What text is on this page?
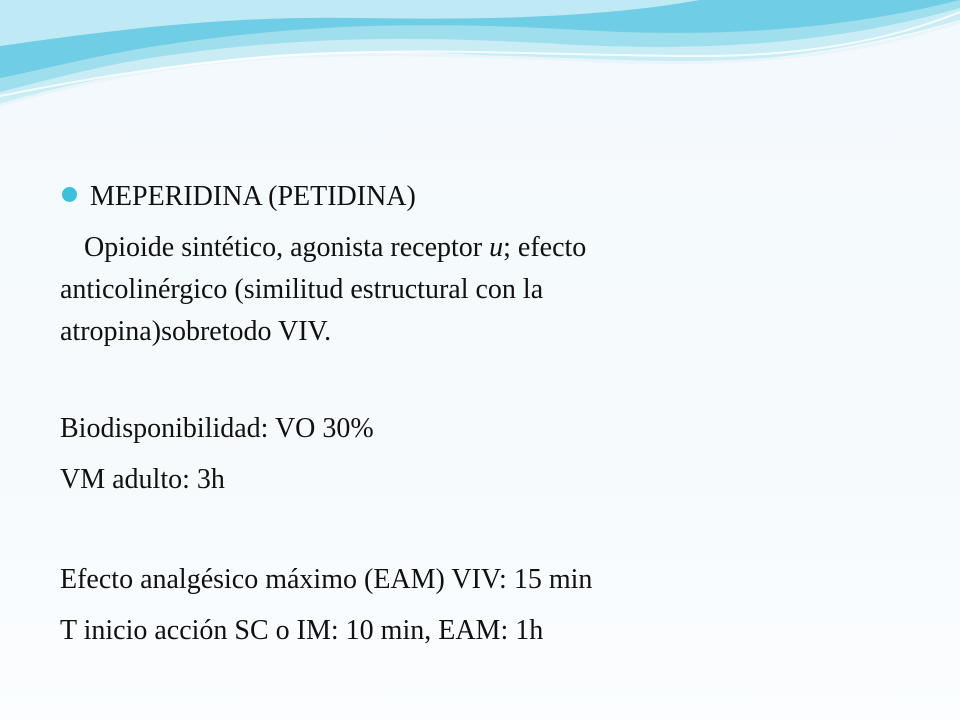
MEPERIDINA (PETIDINA)
Opioide sintético, agonista receptor u; efecto
anticolinérgico (similitud estructural con la
atropina)sobretodo VIV.
Biodisponibilidad: VO 30%
VM adulto: 3h
Efecto analgésico máximo (EAM) VIV: 15 min
T inicio acción SC o IM: 10 min, EAM: 1h
